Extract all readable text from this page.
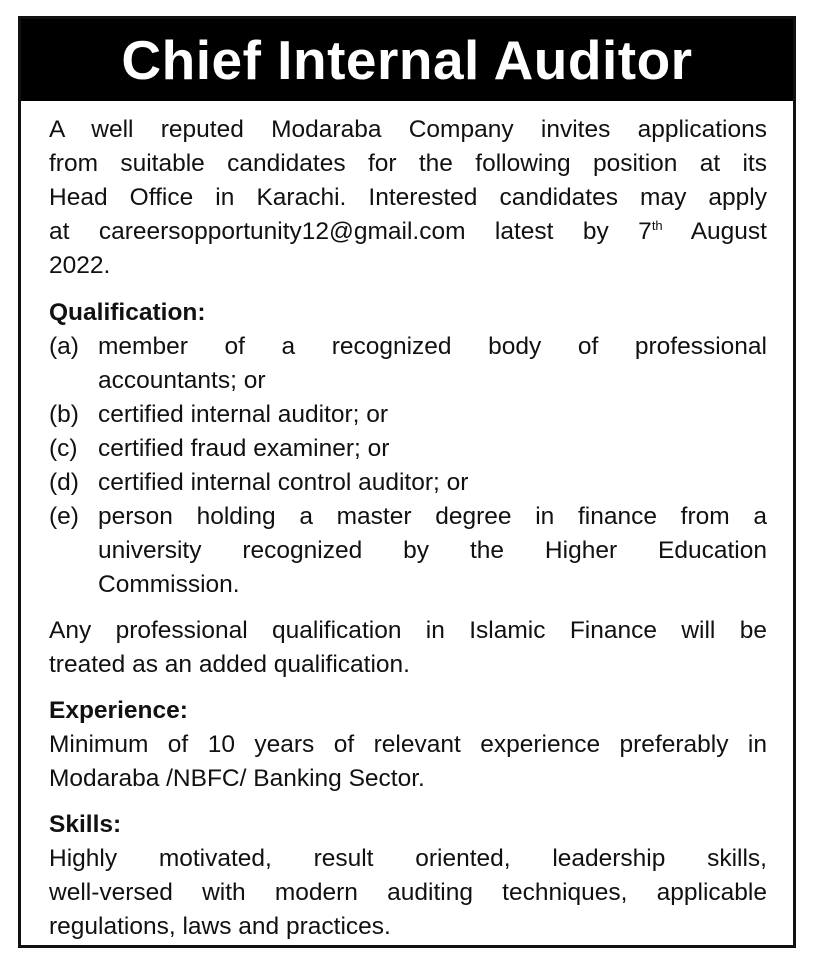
Chief Internal Auditor
A well reputed Modaraba Company invites applications
from suitable candidates for the following position at its
Head Office in Karachi. Interested candidates may apply
at careersopportunity12@gmail.com latest by 7th August
2022.
Qualification:
(a) member of a recognized body of professional
accountants; or
(b) certified internal auditor; or
(c) certified fraud examiner; or
(d) certified internal control auditor; or
(e) person holding a master degree in finance from a
university recognized by the Higher Education
Commission.
Any professional qualification in Islamic Finance will be
treated as an added qualification.
Experience:
Minimum of 10 years of relevant experience preferably in
Modaraba /NBFC/ Banking Sector.
Skills:
Highly motivated, result oriented, leadership skills,
well-versed with modern auditing techniques, applicable
regulations, laws and practices.
